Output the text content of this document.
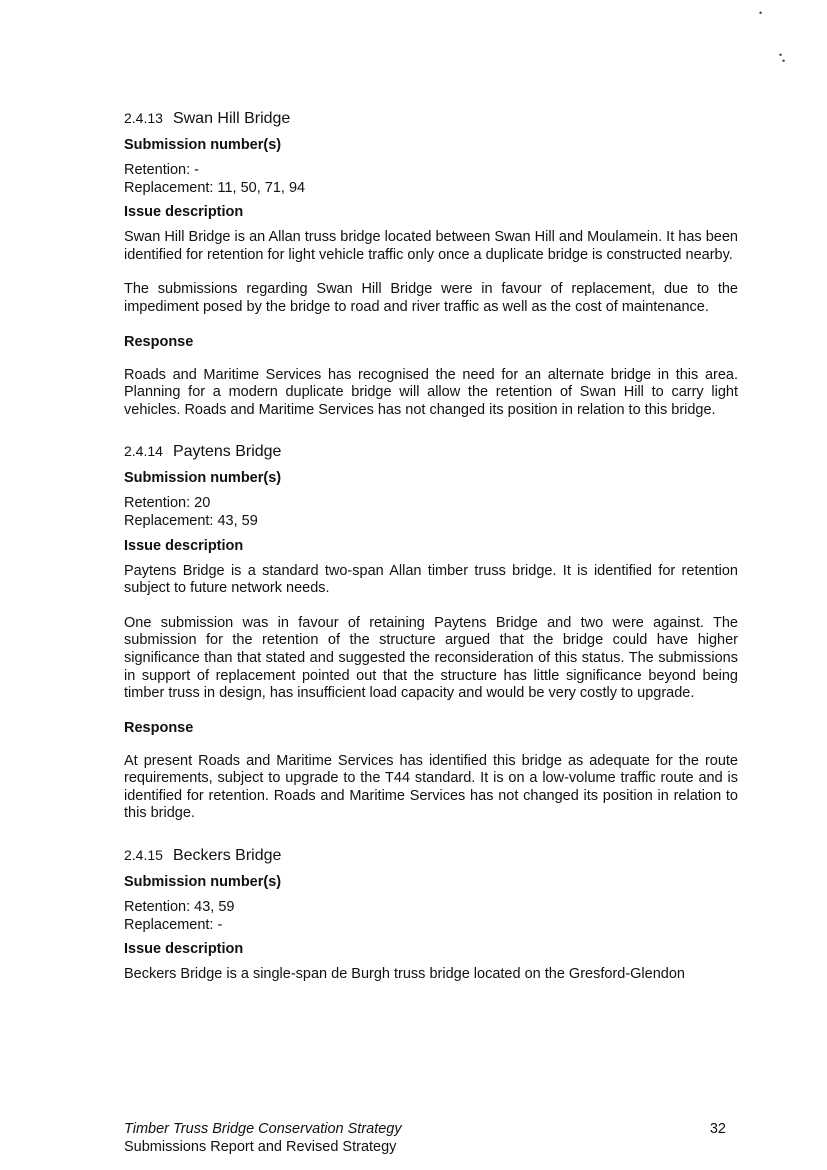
•
•
•
2.4.13 Swan Hill Bridge
Submission number(s)

Retention: -

Replacement: 11, 50, 71, 94

Issue description

Swan Hill Bridge is an Allan truss bridge located between Swan Hill and Moulamein. It has been identified for retention for light vehicle traffic only once a duplicate bridge is constructed nearby.

The submissions regarding Swan Hill Bridge were in favour of replacement, due to the impediment posed by the bridge to road and river traffic as well as the cost of maintenance.

Response

Roads and Maritime Services has recognised the need for an alternate bridge in this area. Planning for a modern duplicate bridge will allow the retention of Swan Hill to carry light vehicles. Roads and Maritime Services has not changed its position in relation to this bridge.

2.4.14 Paytens Bridge
Submission number(s)

Retention: 20

Replacement: 43, 59

Issue description

Paytens Bridge is a standard two-span Allan timber truss bridge. It is identified for retention subject to future network needs.

One submission was in favour of retaining Paytens Bridge and two were against. The submission for the retention of the structure argued that the bridge could have higher significance than that stated and suggested the reconsideration of this status. The submissions in support of replacement pointed out that the structure has little significance beyond being timber truss in design, has insufficient load capacity and would be very costly to upgrade.

Response

At present Roads and Maritime Services has identified this bridge as adequate for the route requirements, subject to upgrade to the T44 standard. It is on a low-volume traffic route and is identified for retention. Roads and Maritime Services has not changed its position in relation to this bridge.

2.4.15 Beckers Bridge
Submission number(s)

Retention: 43, 59

Replacement: -

Issue description

Beckers Bridge is a single-span de Burgh truss bridge located on the Gresford-Glendon

Timber Truss Bridge Conservation Strategy
Submissions Report and Revised Strategy
32
